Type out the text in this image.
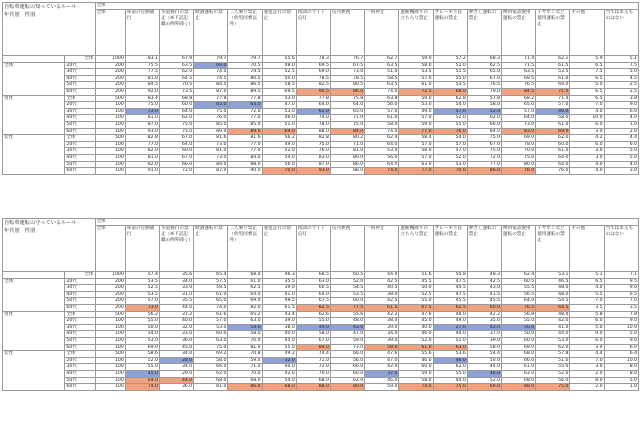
自転車運転の知っているルール
年代別　性別		全体															
		全体	車道の左側通行	歩道通行の禁止（※下記記載の例外除く）	飲酒運転の禁止	二人乗り禁止（幼児同乗以外）	並進走行の禁止	夜間のライト点灯	信号無視	一時停止	遮断機降りの立ち入り禁止	ブレーキ不良運転の禁止	傘さし運転の禁止	携帯電話使用運転の禁止	イヤホンなど使用運転の禁止	その他	当てはまるものはない
	全体	1000	83.1	67.9	79.7	79.7	55.6	78.3	76.7	62.7	59.0	57.2	68.3	71.4	62.1	5.9	5.1
全体	20代	200	75.5	63.5	69.0	70.5	48.0	69.5	67.5	63.5	58.0	51.0	62.5	71.5	61.5	6.5	7.5
	30代	200	77.5	62.0	74.0	74.5	52.5	69.0	73.0	51.0	53.5	51.5	65.0	63.5	53.5	7.5	5.0
	40代	200	81.0	64.5	74.5	80.5	50.0	78.5	78.5	58.5	57.0	55.0	67.0	69.5	61.0	6.5	4.5
	50代	200	84.5	70.5	84.5	86.5	58.5	82.5	80.5	63.5	61.0	53.5	76.5	76.5	69.0	5.0	2.5
	60代	200	92.0	73.5	87.0	89.5	69.5	90.5	86.0	74.0	72.5	68.0	79.0	84.5	71.0	6.5	2.5
男性	全体	500	83.4	68.8	77.8	77.8	53.0	77.8	75.8	63.8	59.0	62.8	57.8	68.2	71.4	6.5	3.8
	20代	100	75.0	60.0	65.0	64.0	47.0	64.0	64.0	56.0	53.0	54.0	58.0	65.0	57.0	7.0	9.0
	30代	100	73.0	64.0	75.0	72.0	53.0	62.0	65.0	57.0	49.0	57.0	52.0	57.0	46.0	4.0	6.0
	40代	100	81.0	62.0	76.0	77.0	46.0	74.0	71.0	61.0	57.0	52.0	62.0	64.0	58.0	10.0	4.0
	50代	100	87.0	75.0	85.0	85.0	51.0	78.0	75.0	58.0	59.0	55.0	66.0	73.0	61.0	6.0	1.0
	60代	100	93.0	75.0	89.0	89.0	69.0	88.0	84.0	74.0	77.0	76.0	84.0	83.0	69.0	3.0	2.0
女性	全体	500	82.8	67.0	81.6	81.6	56.2	82.8	80.2	62.4	58.4	54.0	75.0	69.0	62.0	4.2	4.4
	20代	100	77.0	64.0	73.0	77.0	49.0	75.0	71.0	64.0	57.0	57.0	67.0	78.0	60.0	6.0	6.0
	30代	100	82.0	60.0	81.0	77.0	52.0	76.0	81.0	53.0	58.0	57.0	75.0	70.0	61.0	3.0	5.0
	40代	100	81.0	67.0	73.0	84.0	54.0	83.0	80.0	56.0	57.0	52.0	72.0	75.0	64.0	3.0	5.0
	50代	100	82.0	66.0	84.0	88.0	56.0	87.0	86.0	64.0	63.0	53.0	77.0	80.0	64.0	4.0	4.0
	60代	100	91.0	72.0	87.0	90.0	70.0	93.0	88.0	74.0	77.0	70.0	86.0	76.0	76.0	4.0	3.0
自転車運転の守っているルール
年代別　性別		全体															
		全体	車道の左側通行	歩道通行の禁止（※下記記載の例外除く）	飲酒運転の禁止	二人乗り禁止（幼児同乗以外）	並進走行の禁止	夜間のライト点灯	信号無視	一時停止	遮断機降りの立ち入り禁止	ブレーキ不良運転の禁止	傘さし運転の禁止	携帯電話使用運転の禁止	イヤホンなど使用運転の禁止	その他	当てはまるものはない
	全体	1000	57.4	35.6	65.4	68.0	46.3	68.5	60.5	44.9	51.6	50.8	48.3	62.4	53.1	5.1	7.1
全体	20代	200	53.5	34.0	57.5	61.0	35.5	63.0	52.0	42.5	45.5	47.5	42.5	60.5	46.5	6.5	9.5
	30代	200	52.5	33.0	59.5	62.5	39.0	60.5	54.5	40.5	50.0	44.5	43.0	55.5	48.0	4.0	9.0
	40代	200	53.5	31.0	61.0	64.0	41.0	64.0	53.5	38.0	52.5	47.5	41.5	56.5	48.0	5.5	6.5
	50代	200	57.0	35.5	65.0	69.0	49.5	67.5	60.0	42.5	55.0	45.5	45.5	64.0	54.5	7.0	7.0
	60代	200	73.0	44.0	74.0	82.0	61.5	82.5	77.5	61.5	67.5	62.5	60.0	76.5	64.5	3.5	3.5
男性	全体	500	56.2	37.2	61.6	65.2	43.4	62.6	55.6	42.2	47.6	48.0	42.2	56.8	48.4	5.8	7.8
	20代	100	55.0	40.0	57.0	63.0	39.0	55.0	48.0	38.0	45.0	49.0	35.0	55.0	42.0	6.0	9.0
	30代	100	50.0	32.0	53.0	54.0	38.0	49.0	43.0	39.0	40.0	27.0	42.0	50.0	41.0	5.0	10.0
	40代	100	54.0	33.0	60.0	58.0	40.0	58.0	47.0	34.0	46.0	40.0	37.0	50.0	44.0	9.0	5.0
	50代	100	53.0	36.0	63.0	70.0	45.0	67.0	59.0	39.0	52.0	51.0	39.0	60.0	53.0	6.0	9.0
	60代	100	69.0	45.0	75.0	81.0	55.0	84.0	73.0	58.0	61.0	63.0	58.0	69.0	62.0	3.0	6.0
女性	全体	500	58.6	34.0	69.2	70.8	49.2	74.4	66.0	47.6	55.6	53.6	54.4	68.0	57.8	4.4	6.4
	20代	100	52.0	28.0	58.0	59.0	32.0	71.0	56.0	47.0	46.0	46.0	50.0	66.0	51.0	7.0	10.0
	30代	100	55.0	34.0	66.0	71.0	40.0	72.0	66.0	42.0	60.0	62.0	44.0	61.0	55.0	3.0	8.0
	40代	100	45.0	29.0	62.0	70.0	42.0	70.0	60.0	37.0	59.0	55.0	46.0	63.0	52.0	2.0	8.0
	50代	100	64.0	44.0	68.0	68.0	54.0	68.0	62.0	46.0	58.0	40.0	52.0	68.0	56.0	8.0	5.0
	60代	100	74.0	36.0	81.0	86.0	68.0	88.0	80.0	59.0	74.0	75.0	69.0	88.0	75.0	2.0	1.0
